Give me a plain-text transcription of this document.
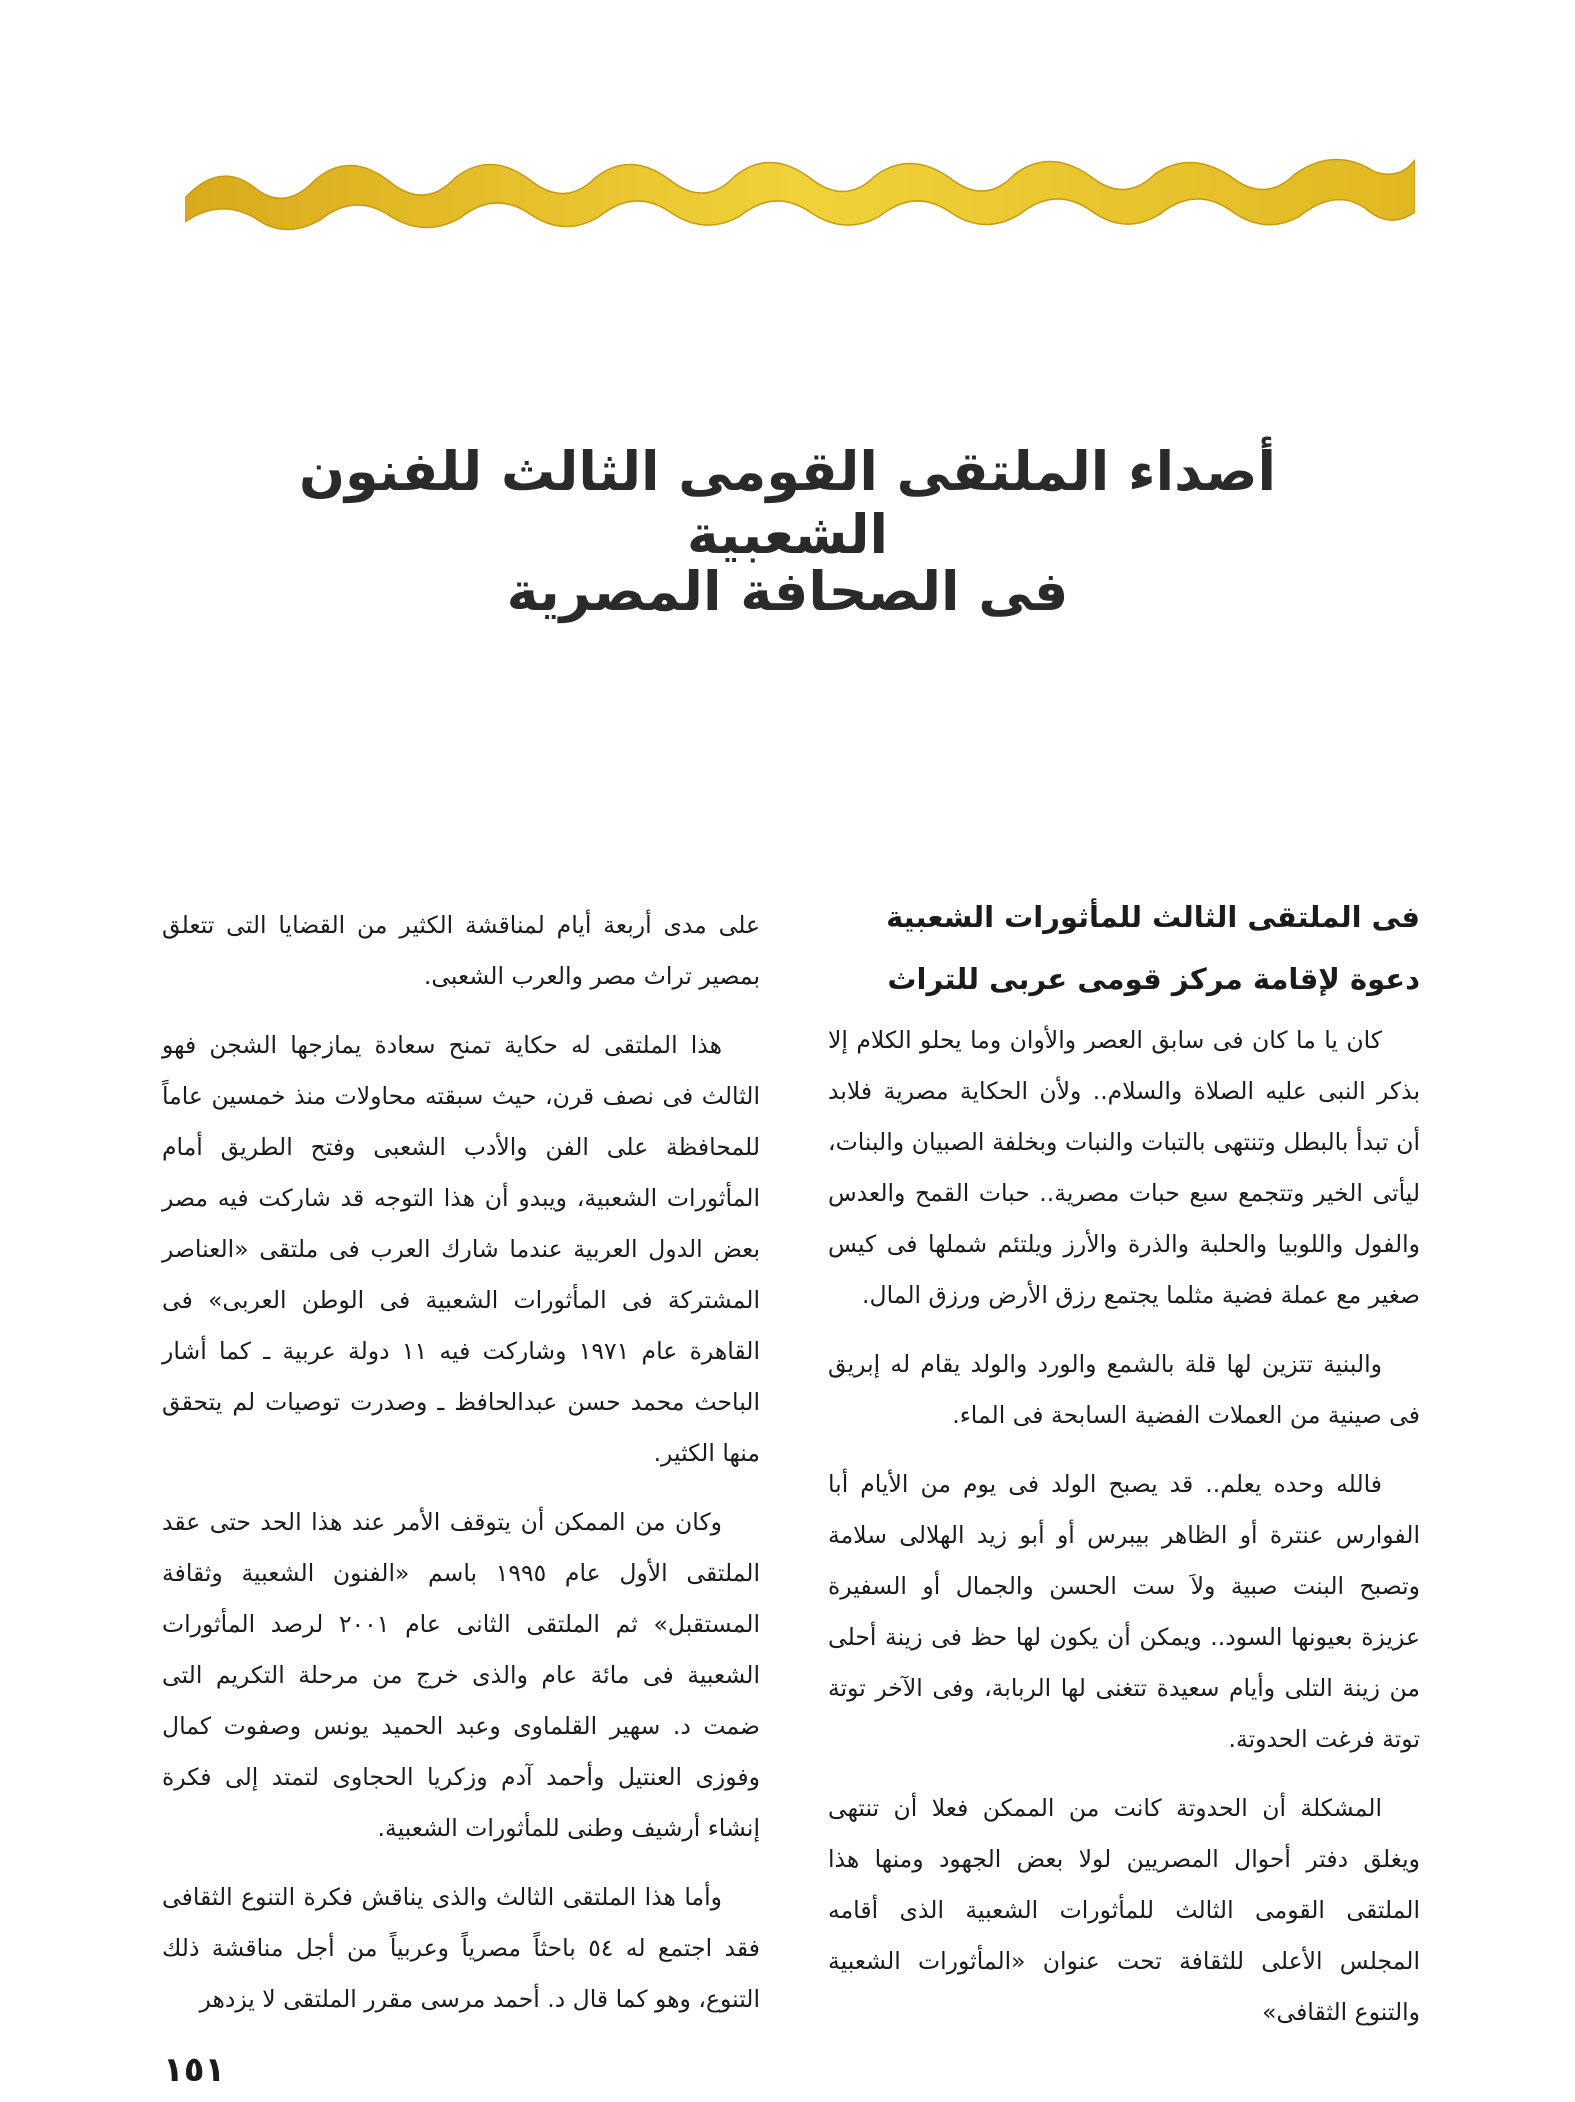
أصداء الملتقى القومى الثالث للفنون الشعبية
فى الصحافة المصرية
فى الملتقى الثالث للمأثورات الشعبية
دعوة لإقامة مركز قومى عربى للتراث

كان يا ما كان فى سابق العصر والأوان وما يحلو الكلام إلا بذكر النبى عليه الصلاة والسلام.. ولأن الحكاية مصرية فلابد أن تبدأ بالبطل وتنتهى بالتبات والنبات وبخلفة الصبيان والبنات، ليأتى الخير وتتجمع سبع حبات مصرية.. حبات القمح والعدس والفول واللوبيا والحلبة والذرة والأرز ويلتئم شملها فى كيس صغير مع عملة فضية مثلما يجتمع رزق الأرض ورزق المال.

والبنية تتزين لها قلة بالشمع والورد والولد يقام له إبريق فى صينية من العملات الفضية السابحة فى الماء.

فالله وحده يعلم.. قد يصبح الولد فى يوم من الأيام أبا الفوارس عنترة أو الظاهر بيبرس أو أبو زيد الهلالى سلامة وتصبح البنت صبية ولاَ ست الحسن والجمال أو السفيرة عزيزة بعيونها السود.. ويمكن أن يكون لها حظ فى زينة أحلى من زينة التلى وأيام سعيدة تتغنى لها الربابة، وفى الآخر توتة توتة فرغت الحدوتة.

المشكلة أن الحدوتة كانت من الممكن فعلا أن تنتهى ويغلق دفتر أحوال المصريين لولا بعض الجهود ومنها هذا الملتقى القومى الثالث للمأثورات الشعبية الذى أقامه المجلس الأعلى للثقافة تحت عنوان «المأثورات الشعبية والتنوع الثقافى»

على مدى أربعة أيام لمناقشة الكثير من القضايا التى تتعلق بمصير تراث مصر والعرب الشعبى.

هذا الملتقى له حكاية تمنح سعادة يمازجها الشجن فهو الثالث فى نصف قرن، حيث سبقته محاولات منذ خمسين عاماً للمحافظة على الفن والأدب الشعبى وفتح الطريق أمام المأثورات الشعبية، ويبدو أن هذا التوجه قد شاركت فيه مصر بعض الدول العربية عندما شارك العرب فى ملتقى «العناصر المشتركة فى المأثورات الشعبية فى الوطن العربى» فى القاهرة عام ١٩٧١ وشاركت فيه ١١ دولة عربية ـ كما أشار الباحث محمد حسن عبدالحافظ ـ وصدرت توصيات لم يتحقق منها الكثير.

وكان من الممكن أن يتوقف الأمر عند هذا الحد حتى عقد الملتقى الأول عام ١٩٩٥ باسم «الفنون الشعبية وثقافة المستقبل» ثم الملتقى الثانى عام ٢٠٠١ لرصد المأثورات الشعبية فى مائة عام والذى خرج من مرحلة التكريم التى ضمت د. سهير القلماوى وعبد الحميد يونس وصفوت كمال وفوزى العنتيل وأحمد آدم وزكريا الحجاوى لتمتد إلى فكرة إنشاء أرشيف وطنى للمأثورات الشعبية.

وأما هذا الملتقى الثالث والذى يناقش فكرة التنوع الثقافى فقد اجتمع له ٥٤ باحثاً مصرياً وعربياً من أجل مناقشة ذلك التنوع، وهو كما قال د. أحمد مرسى مقرر الملتقى لا يزدهر

١٥١
